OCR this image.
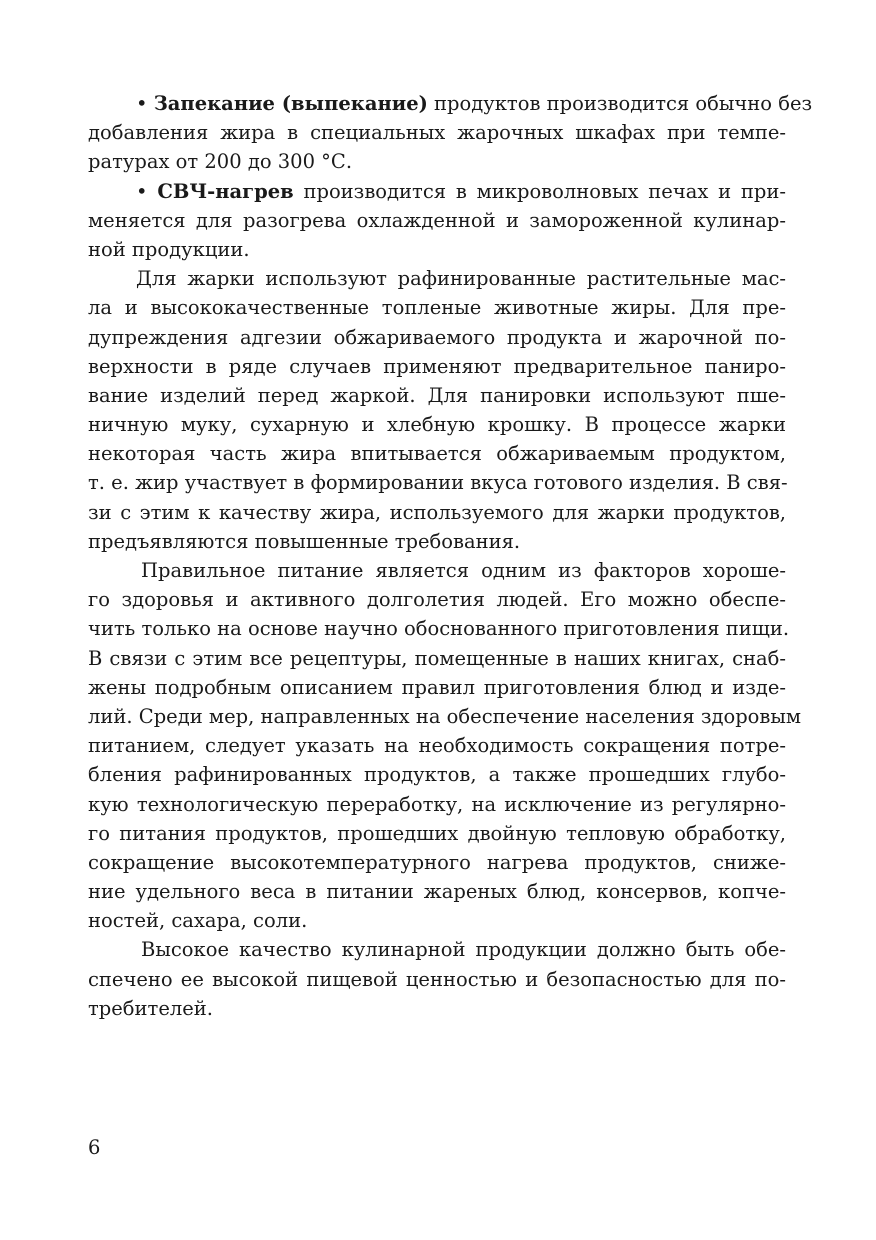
• Запекание (выпекание) продуктов производится обычно без
добавления жира в специальных жарочных шкафах при темпе-
ратурах от 200 до 300 °С.
• СВЧ-нагрев производится в микроволновых печах и при-
меняется для разогрева охлажденной и замороженной кулинар-
ной продукции.
Для жарки используют рафинированные растительные мас-
ла и высококачественные топленые животные жиры. Для пре-
дупреждения адгезии обжариваемого продукта и жарочной по-
верхности в ряде случаев применяют предварительное паниро-
вание изделий перед жаркой. Для панировки используют пше-
ничную муку, сухарную и хлебную крошку. В процессе жарки
некоторая часть жира впитывается обжариваемым продуктом,
т. е. жир участвует в формировании вкуса готового изделия. В свя-
зи с этим к качеству жира, используемого для жарки продуктов,
предъявляются повышенные требования.
Правильное питание является одним из факторов хороше-
го здоровья и активного долголетия людей. Его можно обеспе-
чить только на основе научно обоснованного приготовления пищи.
В связи с этим все рецептуры, помещенные в наших книгах, снаб-
жены подробным описанием правил приготовления блюд и изде-
лий. Среди мер, направленных на обеспечение населения здоровым
питанием, следует указать на необходимость сокращения потре-
бления рафинированных продуктов, а также прошедших глубо-
кую технологическую переработку, на исключение из регулярно-
го питания продуктов, прошедших двойную тепловую обработку,
сокращение высокотемпературного нагрева продуктов, сниже-
ние удельного веса в питании жареных блюд, консервов, копче-
ностей, сахара, соли.
Высокое качество кулинарной продукции должно быть обе-
спечено ее высокой пищевой ценностью и безопасностью для по-
требителей.
6
